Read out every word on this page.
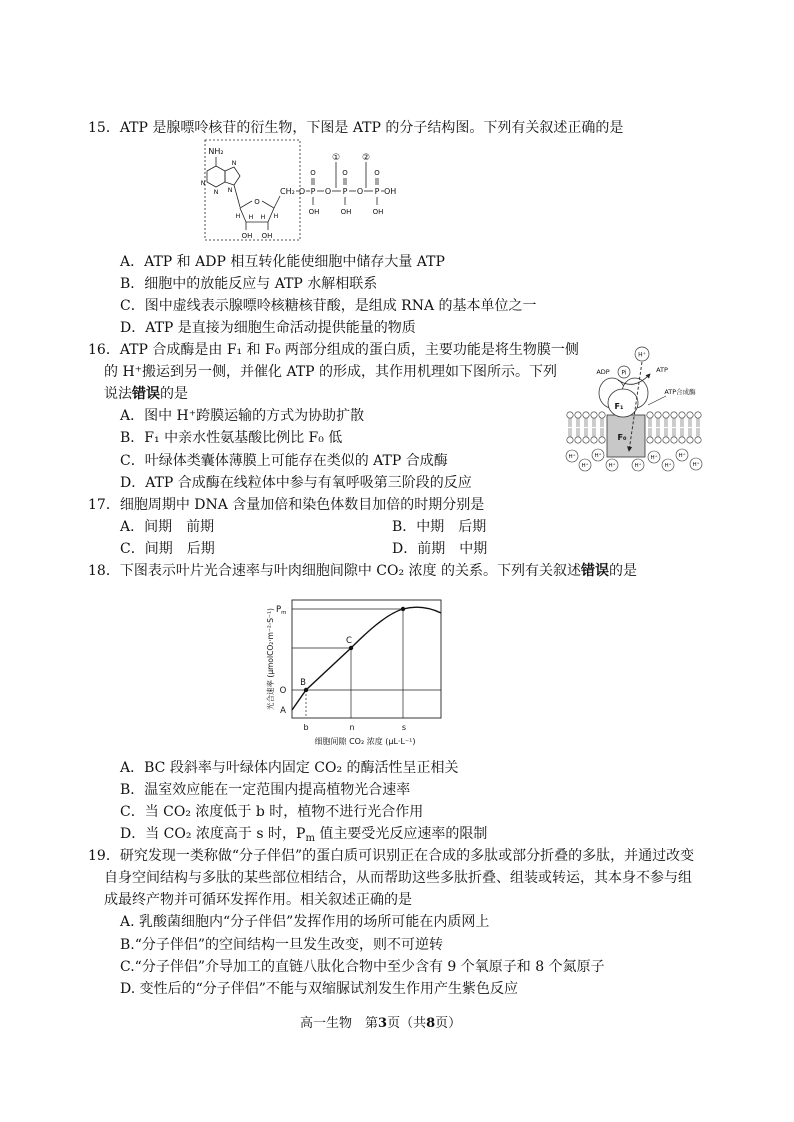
15．ATP 是腺嘌呤核苷的衍生物，下图是 ATP 的分子结构图。下列有关叙述正确的是
NH₂
N
N
N
N
O
H	H
H H
OH OH
CH₂ O P O P O P OH
O	O	O
OH	OH	OH
① ②
A．ATP 和 ADP 相互转化能使细胞中储存大量 ATP
B．细胞中的放能反应与 ATP 水解相联系
C．图中虚线表示腺嘌呤核糖核苷酸，是组成 RNA 的基本单位之一
D．ATP 是直接为细胞生命活动提供能量的物质
16．ATP 合成酶是由 F₁ 和 F₀ 两部分组成的蛋白质，主要功能是将生物膜一侧
的 H⁺搬运到另一侧，并催化 ATP 的形成，其作用机理如下图所示。下列
说法错误的是
H⁺
ADP Pi	ATP
ATP合成酶
F₁
F₀
H⁺
H⁺
H⁺
H⁺	H⁺
H⁺
H⁺
H⁺
H⁺
A．图中 H⁺跨膜运输的方式为协助扩散
B．F₁ 中亲水性氨基酸比例比 F₀ 低
C．叶绿体类囊体薄膜上可能存在类似的 ATP 合成酶
D．ATP 合成酶在线粒体中参与有氧呼吸第三阶段的反应
17．细胞周期中 DNA 含量加倍和染色体数目加倍的时期分别是
A．间期　前期	B．中期　后期
C．间期　后期	D．前期　中期
18．下图表示叶片光合速率与叶肉细胞间隙中 CO₂ 浓度 的关系。下列有关叙述错误的是
光合速率 (μmolCO₂·m⁻²·S⁻¹) $P_m$
C
O
B
A
b	n	s
细胞间隙 CO₂ 浓度 (μL·L⁻¹)
A．BC 段斜率与叶绿体内固定 CO₂ 的酶活性呈正相关
B．温室效应能在一定范围内提高植物光合速率
C．当 CO₂ 浓度低于 b 时，植物不进行光合作用
D．当 CO₂ 浓度高于 s 时，$P_m$ 值主要受光反应速率的限制
19．研究发现一类称做“分子伴侣”的蛋白质可识别正在合成的多肽或部分折叠的多肽，并通过改变
自身空间结构与多肽的某些部位相结合，从而帮助这些多肽折叠、组装或转运，其本身不参与组
成最终产物并可循环发挥作用。相关叙述正确的是
A. 乳酸菌细胞内“分子伴侣”发挥作用的场所可能在内质网上
B.“分子伴侣”的空间结构一旦发生改变，则不可逆转
C.“分子伴侣”介导加工的直链八肽化合物中至少含有 9 个氧原子和 8 个氮原子
D. 变性后的“分子伴侣”不能与双缩脲试剂发生作用产生紫色反应
高一生物　第3页（共8页）
